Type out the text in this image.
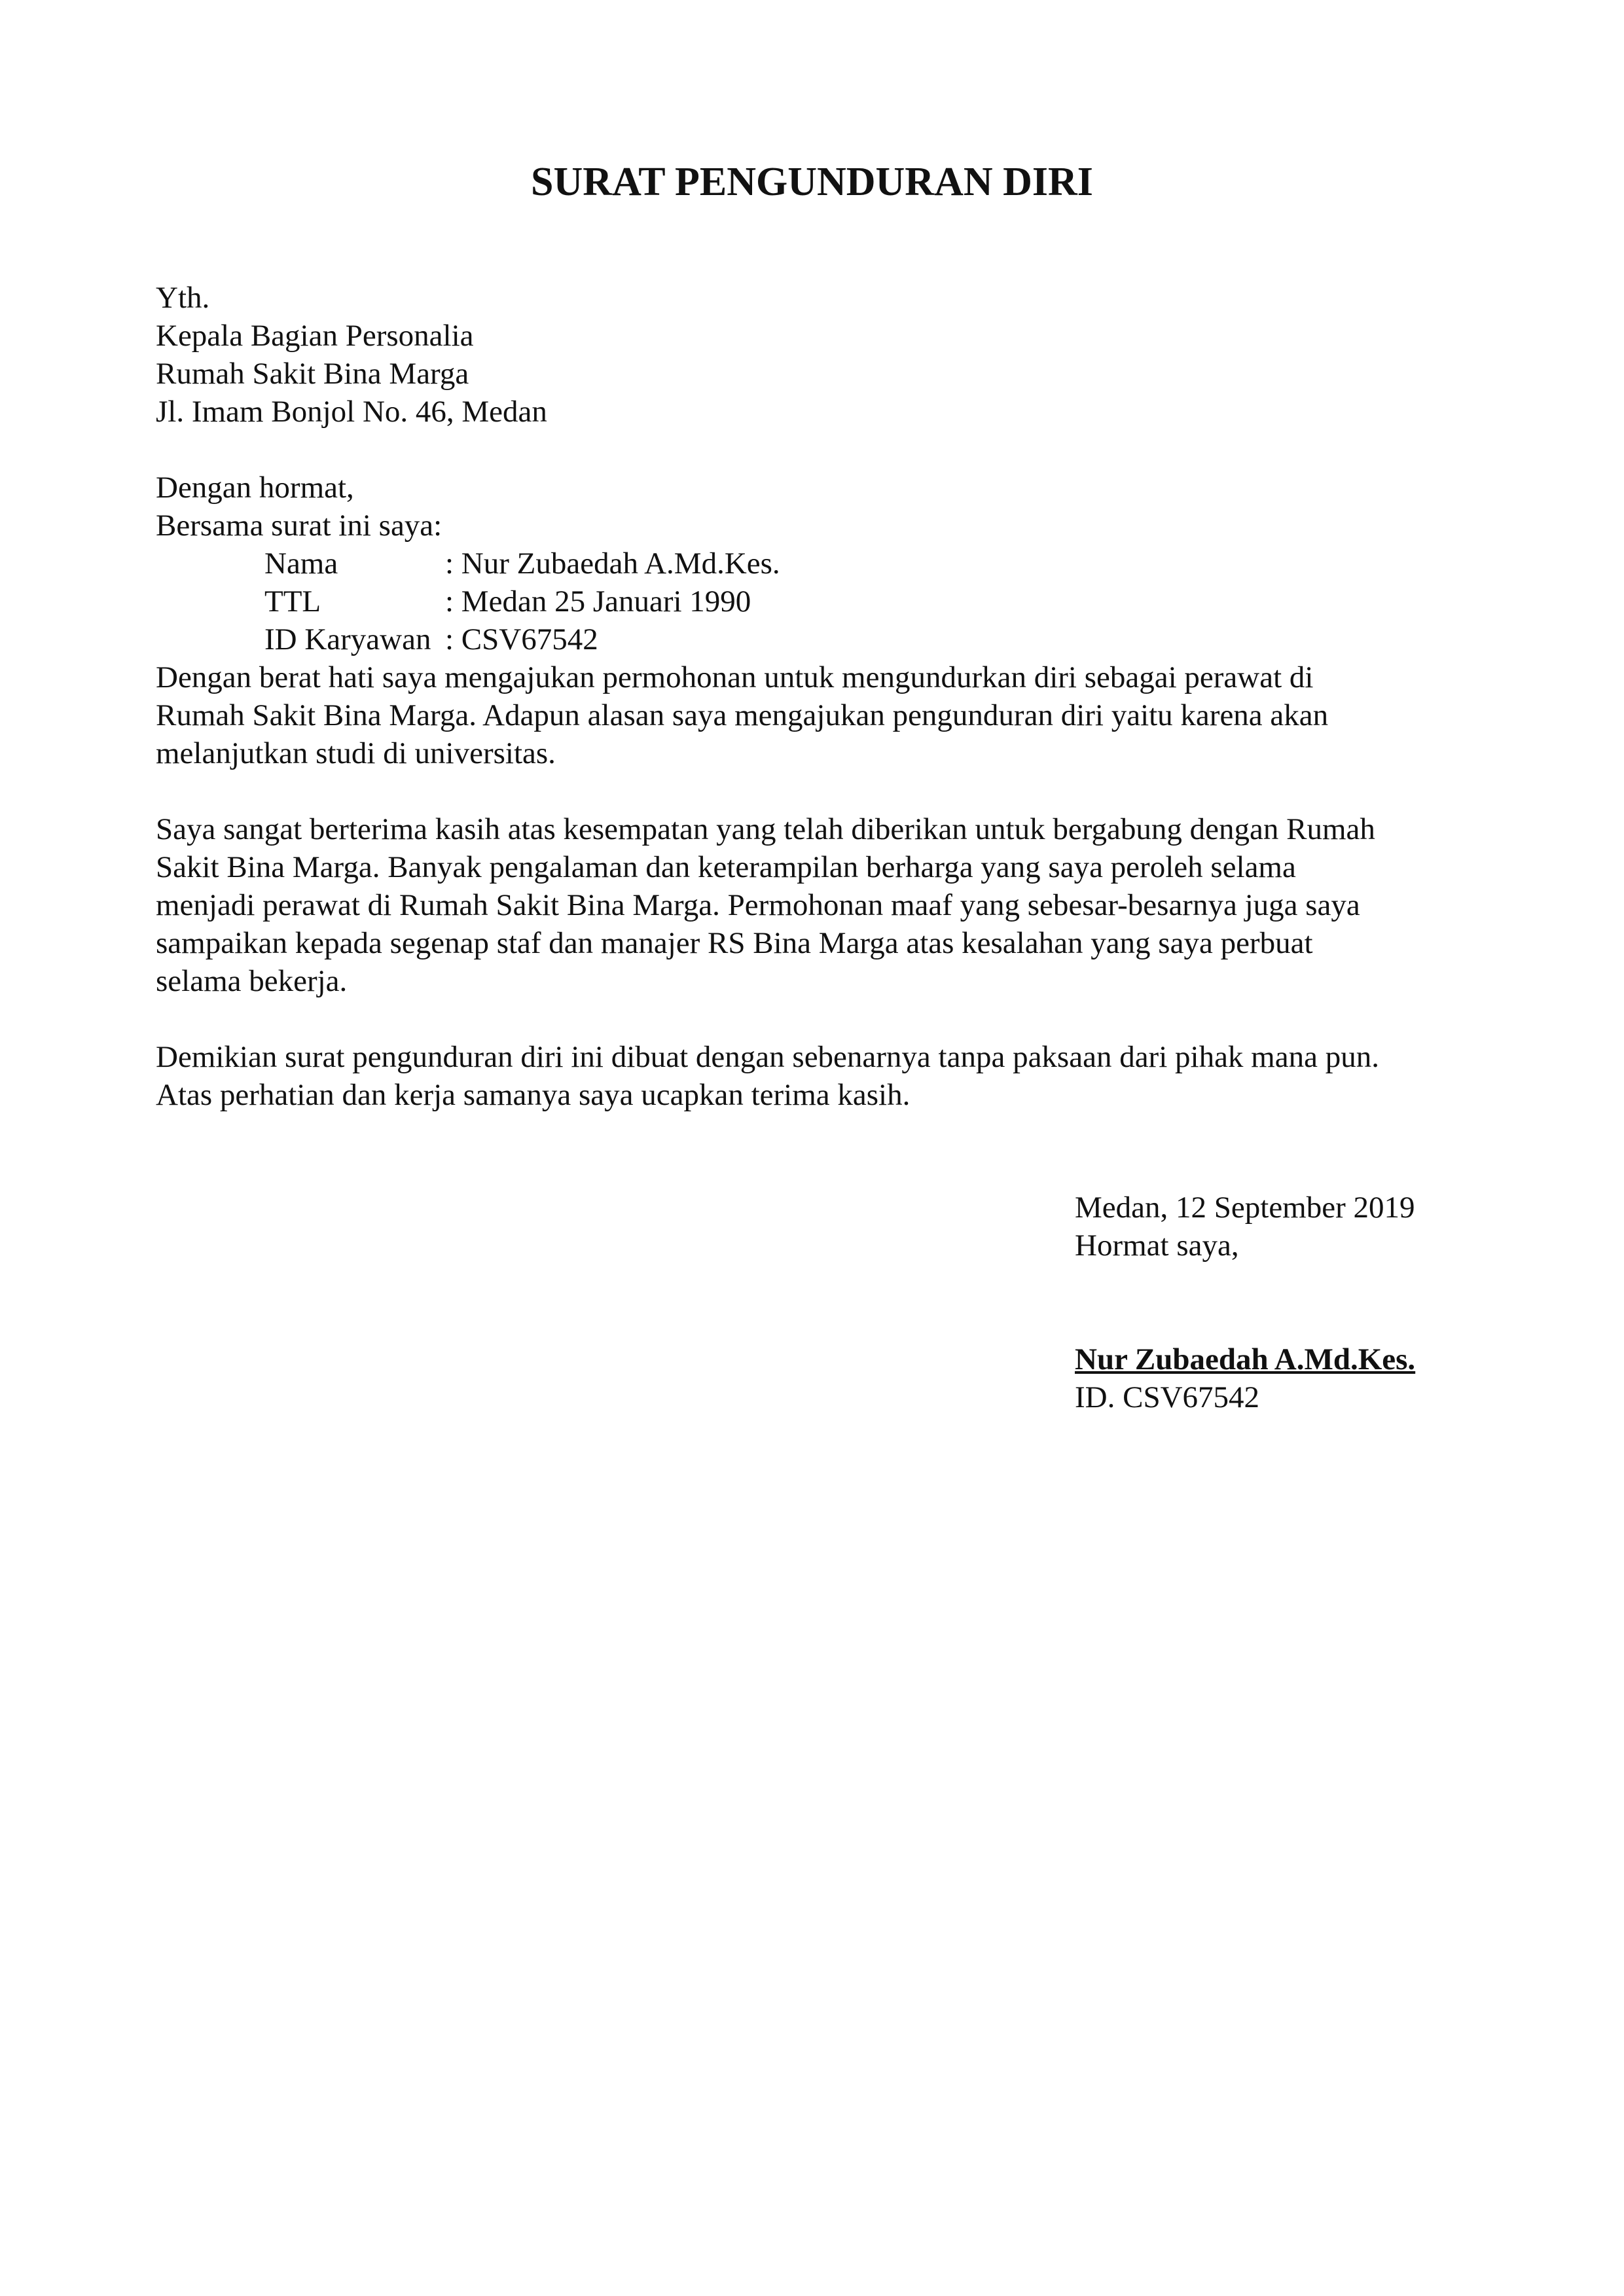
SURAT PENGUNDURAN DIRI

Yth.

Kepala Bagian Personalia

Rumah Sakit Bina Marga

Jl. Imam Bonjol No. 46, Medan

Dengan hormat,

Bersama surat ini saya:

Nama	: Nur Zubaedah A.Md.Kes.
TTL	: Medan 25 Januari 1990
ID Karyawan : CSV67542

Dengan berat hati saya mengajukan permohonan untuk mengundurkan diri sebagai perawat di

Rumah Sakit Bina Marga. Adapun alasan saya mengajukan pengunduran diri yaitu karena akan

melanjutkan studi di universitas.

Saya sangat berterima kasih atas kesempatan yang telah diberikan untuk bergabung dengan Rumah

Sakit Bina Marga. Banyak pengalaman dan keterampilan berharga yang saya peroleh selama

menjadi perawat di Rumah Sakit Bina Marga. Permohonan maaf yang sebesar-besarnya juga saya

sampaikan kepada segenap staf dan manajer RS Bina Marga atas kesalahan yang saya perbuat

selama bekerja.

Demikian surat pengunduran diri ini dibuat dengan sebenarnya tanpa paksaan dari pihak mana pun.

Atas perhatian dan kerja samanya saya ucapkan terima kasih.

Medan, 12 September 2019

Hormat saya,

Nur Zubaedah A.Md.Kes.

ID. CSV67542
